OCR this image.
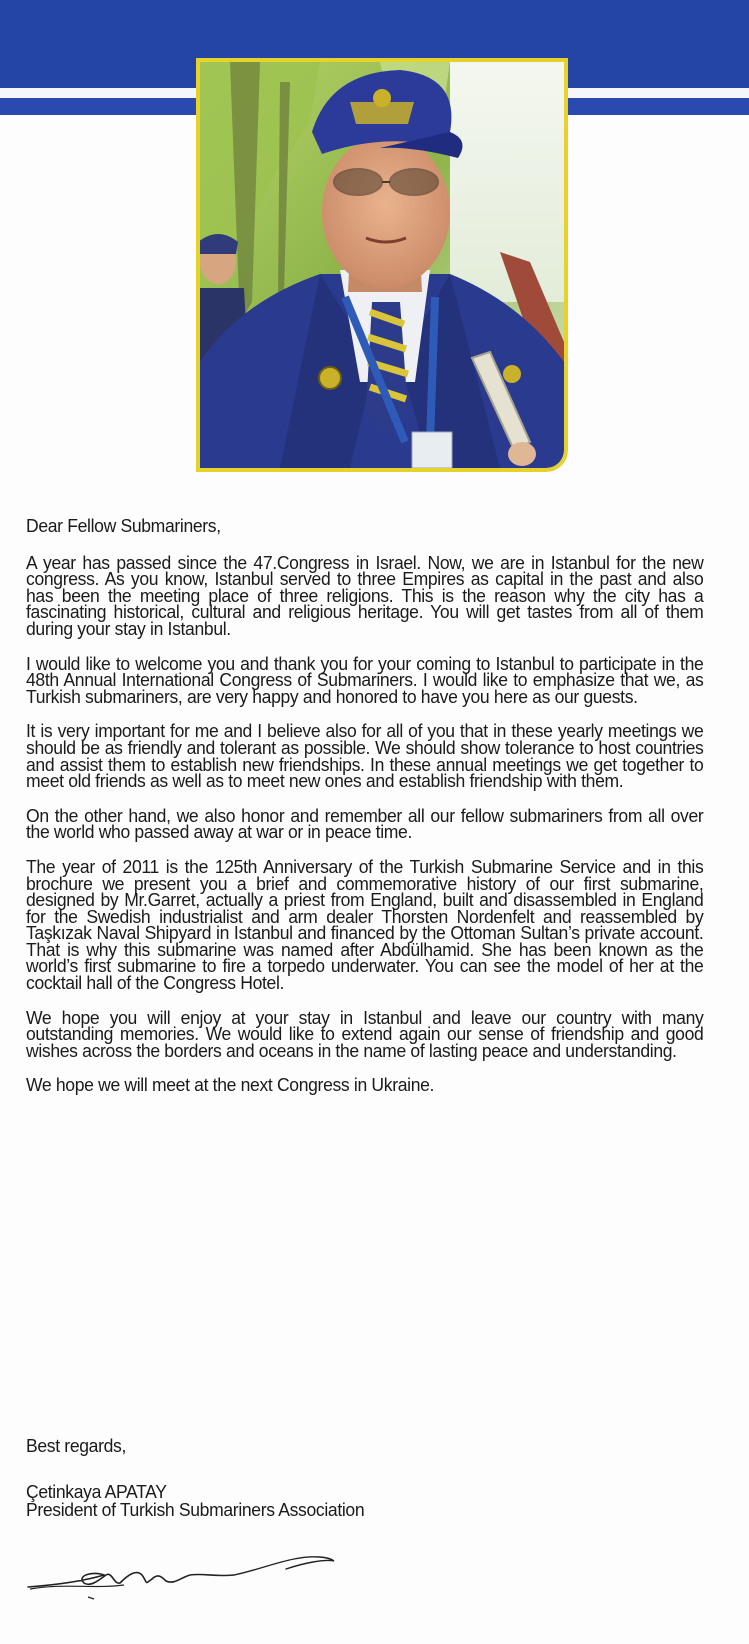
Dear Fellow Submariners,

A year has passed since the 47.Congress in Israel. Now, we are in Istanbul for the new congress. As you know, Istanbul served to three Empires as capital in the past and also has been the meeting place of three religions. This is the reason why the city has a fascinating historical, cultural and religious heritage. You will get tastes from all of them during your stay in Istanbul.

I would like to welcome you and thank you for your coming to Istanbul to participate in the 48th Annual International Congress of Submariners. I would like to emphasize that we, as Turkish submariners, are very happy and honored to have you here as our guests.

It is very important for me and I believe also for all of you that in these yearly meetings we should be as friendly and tolerant as possible. We should show tolerance to host countries and assist them to establish new friendships. In these annual meetings we get together to meet old friends as well as to meet new ones and establish friendship with them.

On the other hand, we also honor and remember all our fellow submariners from all over the world who passed away at war or in peace time.

The year of 2011 is the 125th Anniversary of the Turkish Submarine Service and in this brochure we present you a brief and commemorative history of our first submarine, designed by Mr.Garret, actually a priest from England, built and disassembled in England for the Swedish industrialist and arm dealer Thorsten Nordenfelt and reassembled by Taşkızak Naval Shipyard in Istanbul and financed by the Ottoman Sultan’s private account. That is why this submarine was named after Abdülhamid. She has been known as the world’s first submarine to fire a torpedo underwater. You can see the model of her at the cocktail hall of the Congress Hotel.

We hope you will enjoy at your stay in Istanbul and leave our country with many outstanding memories. We would like to extend again our sense of friendship and good wishes across the borders and oceans in the name of lasting peace and understanding.

We hope we will meet at the next Congress in Ukraine.

Best regards,
Çetinkaya APATAY
President of Turkish Submariners Association
